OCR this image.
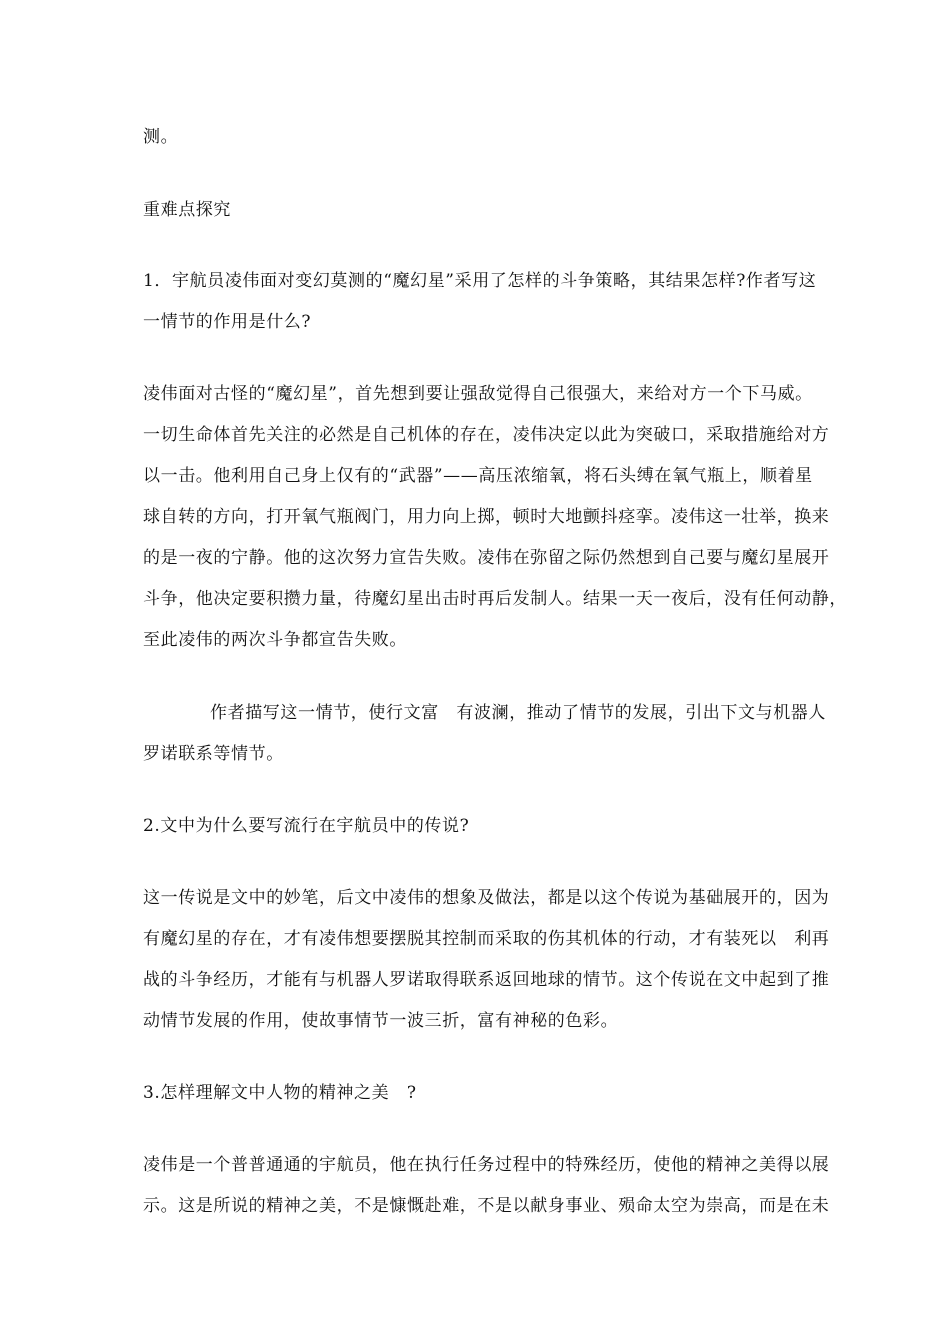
测。
重难点探究
1．宇航员凌伟面对变幻莫测的“魔幻星”采用了怎样的斗争策略，其结果怎样?作者写这
一情节的作用是什么?
凌伟面对古怪的“魔幻星”，首先想到要让强敌觉得自己很强大，来给对方一个下马威。
一切生命体首先关注的必然是自己机体的存在，凌伟决定以此为突破口，采取措施给对方
以一击。他利用自己身上仅有的“武器”——高压浓缩氧，将石头缚在氧气瓶上，顺着星
球自转的方向，打开氧气瓶阀门，用力向上掷，顿时大地颤抖痉挛。凌伟这一壮举，换来
的是一夜的宁静。他的这次努力宣告失败。凌伟在弥留之际仍然想到自己要与魔幻星展开
斗争，他决定要积攒力量，待魔幻星出击时再后发制人。结果一天一夜后，没有任何动静，
至此凌伟的两次斗争都宣告失败。
作者描写这一情节，使行文富　有波澜，推动了情节的发展，引出下文与机器人
罗诺联系等情节。
2.文中为什么要写流行在宇航员中的传说?
这一传说是文中的妙笔，后文中凌伟的想象及做法，都是以这个传说为基础展开的，因为
有魔幻星的存在，才有凌伟想要摆脱其控制而采取的伤其机体的行动，才有装死以　利再
战的斗争经历，才能有与机器人罗诺取得联系返回地球的情节。这个传说在文中起到了推
动情节发展的作用，使故事情节一波三折，富有神秘的色彩。
3.怎样理解文中人物的精神之美　?
凌伟是一个普普通通的宇航员，他在执行任务过程中的特殊经历，使他的精神之美得以展
示。这是所说的精神之美，不是慷慨赴难，不是以献身事业、殒命太空为崇高，而是在未
